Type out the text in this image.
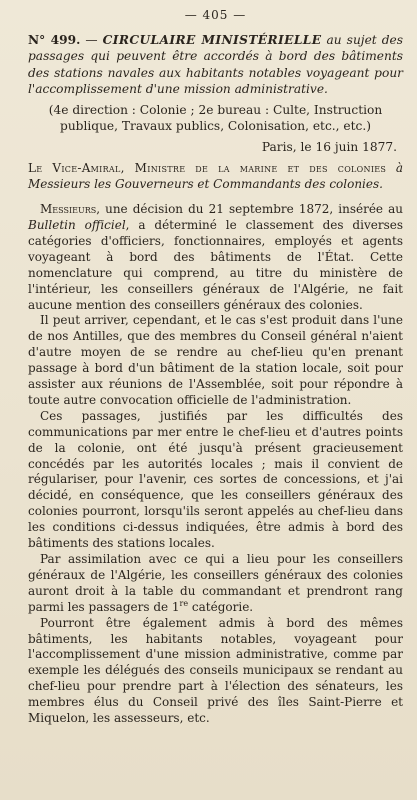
— 405 —

N° 499. — CIRCULAIRE MINISTÉRIELLE au sujet des passages qui peuvent être accordés à bord des bâtiments des stations navales aux habitants notables voyageant pour l'accomplissement d'une mission administrative.

(4e direction : Colonie ; 2e bureau : Culte, Instruction publique, Travaux publics, Colonisation, etc., etc.)

Paris, le 16 juin 1877.

Le Vice-Amiral, Ministre de la marine et des colonies à Messieurs les Gouverneurs et Commandants des colonies.

Messieurs, une décision du 21 septembre 1872, insérée au Bulletin officiel, a déterminé le classement des diverses catégories d'officiers, fonctionnaires, employés et agents voyageant à bord des bâtiments de l'État. Cette nomenclature qui comprend, au titre du ministère de l'intérieur, les conseillers généraux de l'Algérie, ne fait aucune mention des conseillers généraux des colonies.

Il peut arriver, cependant, et le cas s'est produit dans l'une de nos Antilles, que des membres du Conseil général n'aient d'autre moyen de se rendre au chef-lieu qu'en prenant passage à bord d'un bâtiment de la station locale, soit pour assister aux réunions de l'Assemblée, soit pour répondre à toute autre convocation officielle de l'administration.

Ces passages, justifiés par les difficultés des communications par mer entre le chef-lieu et d'autres points de la colonie, ont été jusqu'à présent gracieusement concédés par les autorités locales ; mais il convient de régulariser, pour l'avenir, ces sortes de concessions, et j'ai décidé, en conséquence, que les conseillers généraux des colonies pourront, lorsqu'ils seront appelés au chef-lieu dans les conditions ci-dessus indiquées, être admis à bord des bâtiments des stations locales.

Par assimilation avec ce qui a lieu pour les conseillers généraux de l'Algérie, les conseillers généraux des colonies auront droit à la table du commandant et prendront rang parmi les passagers de 1re catégorie.

Pourront être également admis à bord des mêmes bâtiments, les habitants notables, voyageant pour l'accomplissement d'une mission administrative, comme par exemple les délégués des conseils municipaux se rendant au chef-lieu pour prendre part à l'élection des sénateurs, les membres élus du Conseil privé des îles Saint-Pierre et Miquelon, les assesseurs, etc.
